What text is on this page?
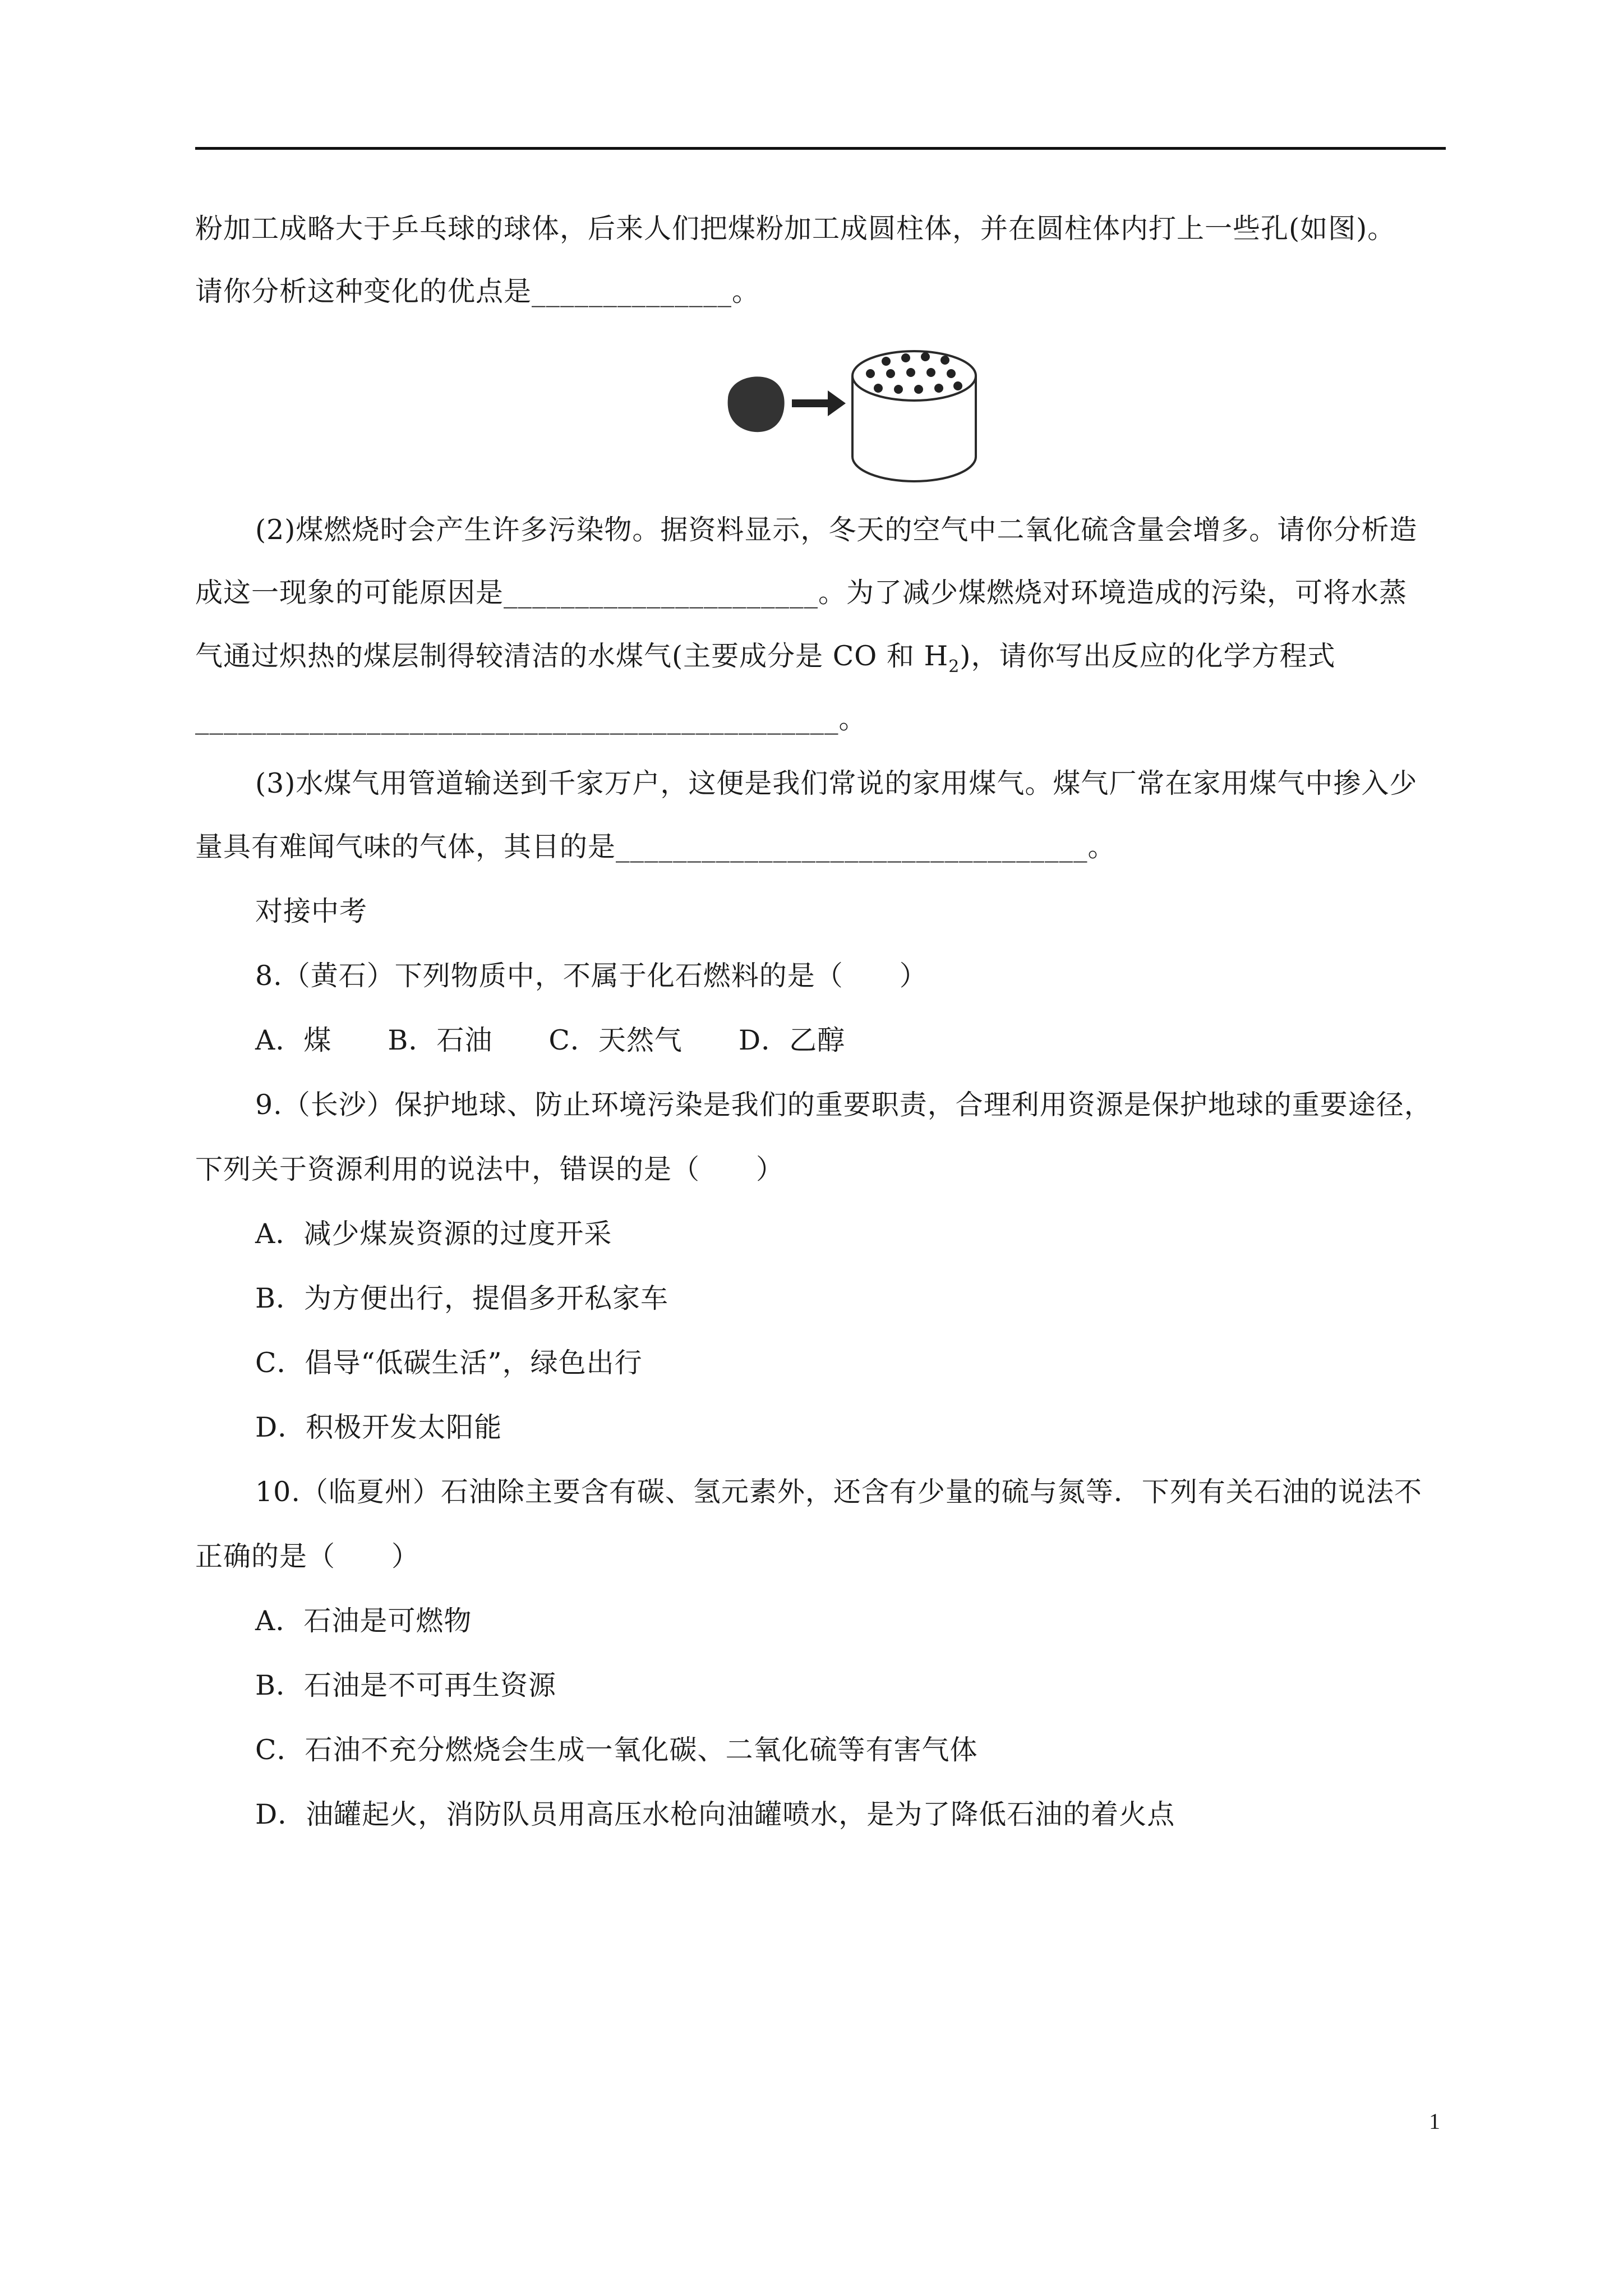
粉加工成略大于乒乓球的球体，后来人们把煤粉加工成圆柱体，并在圆柱体内打上一些孔(如图)。
请你分析这种变化的优点是______________。
(2)煤燃烧时会产生许多污染物。据资料显示，冬天的空气中二氧化硫含量会增多。请你分析造
成这一现象的可能原因是______________________。为了减少煤燃烧对环境造成的污染，可将水蒸
气通过炽热的煤层制得较清洁的水煤气(主要成分是 CO 和 $H_2$)，请你写出反应的化学方程式
_____________________________________________。
(3)水煤气用管道输送到千家万户，这便是我们常说的家用煤气。煤气厂常在家用煤气中掺入少
量具有难闻气味的气体，其目的是_________________________________。
对接中考
8.（黄石）下列物质中，不属于化石燃料的是（　　）
A．煤　　B．石油　　C．天然气　　D．乙醇
9.（长沙）保护地球、防止环境污染是我们的重要职责，合理利用资源是保护地球的重要途径，
下列关于资源利用的说法中，错误的是（　　）
A．减少煤炭资源的过度开采
B．为方便出行，提倡多开私家车
C．倡导“低碳生活”，绿色出行
D．积极开发太阳能
10.（临夏州）石油除主要含有碳、氢元素外，还含有少量的硫与氮等．下列有关石油的说法不
正确的是（　　）
A．石油是可燃物
B．石油是不可再生资源
C．石油不充分燃烧会生成一氧化碳、二氧化硫等有害气体
D．油罐起火，消防队员用高压水枪向油罐喷水，是为了降低石油的着火点
1
